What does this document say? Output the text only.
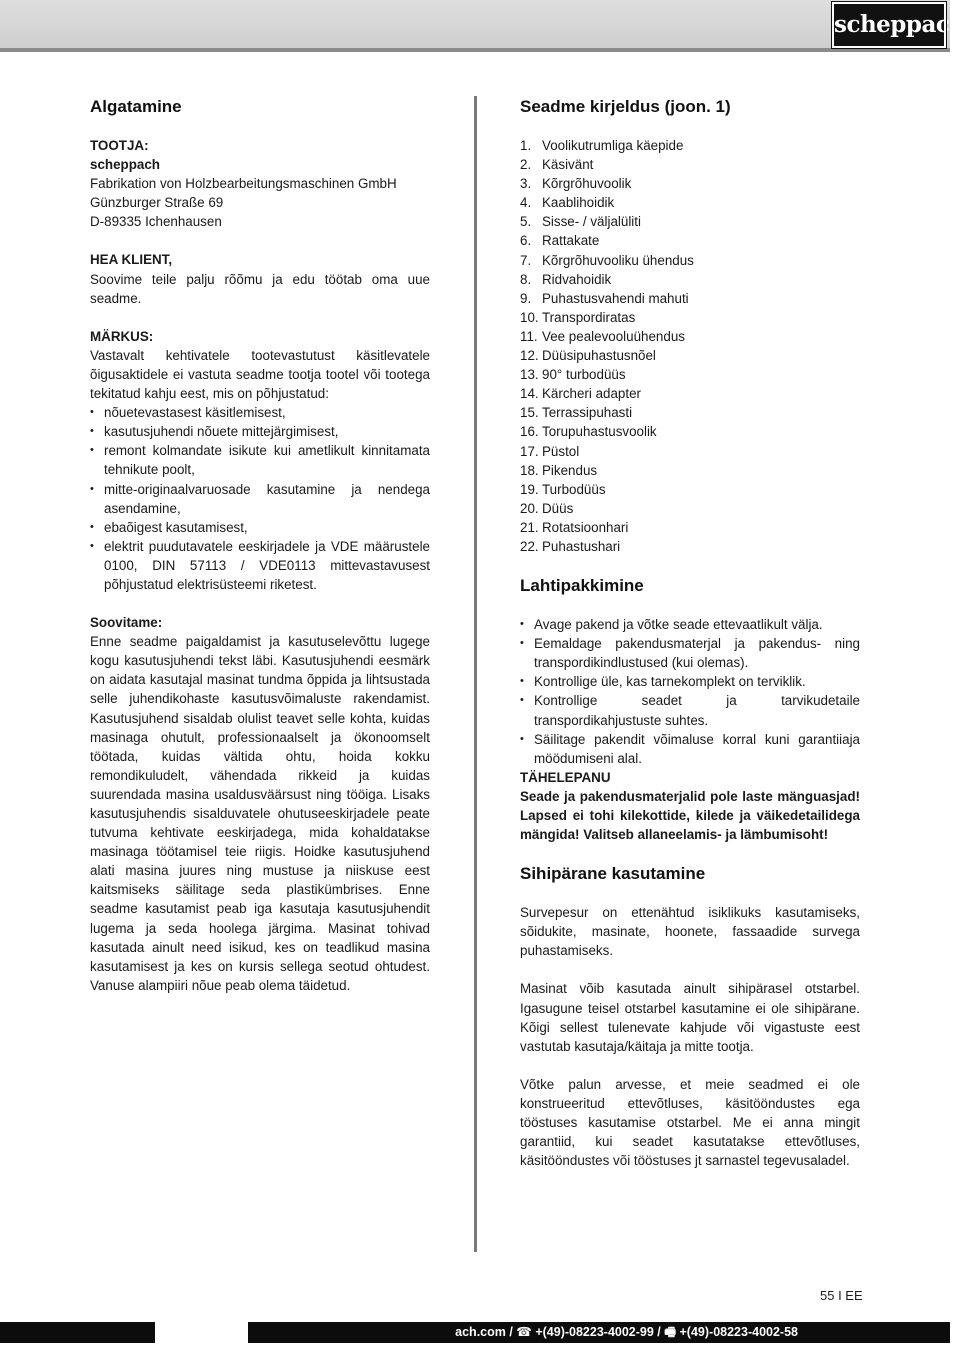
scheppach
Algatamine
TOOTJA:
scheppach
Fabrikation von Holzbearbeitungsmaschinen GmbH
Günzburger Straße 69
D-89335 Ichenhausen
HEA KLIENT,

Soovime teile palju rõõmu ja edu töötab oma uue seadme.

MÄRKUS:

Vastavalt kehtivatele tootevastutust käsitlevatele õigusaktidele ei vastuta seadme tootja tootel või tootega tekitatud kahju eest, mis on põhjustatud:

• nõuetevastasest käsitlemisest,
• kasutusjuhendi nõuete mittejärgimisest,
• remont kolmandate isikute kui ametlikult kinnitamata tehnikute poolt,
• mitte-originaalvaruosade kasutamine ja nendega asendamine,
• ebaõigest kasutamisest,
• elektrit puudutavatele eeskirjadele ja VDE määrustele 0100, DIN 57113 / VDE0113 mittevastavusest põhjustatud elektrisüsteemi riketest.
Soovitame:

Enne seadme paigaldamist ja kasutuselevõttu lugege kogu kasutusjuhendi tekst läbi. Kasutusjuhendi eesmärk on aidata kasutajal masinat tundma õppida ja lihtsustada selle juhendikohaste kasutusvõimaluste rakendamist. Kasutusjuhend sisaldab olulist teavet selle kohta, kuidas masinaga ohutult, professionaalselt ja ökonoomselt töötada, kuidas vältida ohtu, hoida kokku remondikuludelt, vähendada rikkeid ja kuidas suurendada masina usaldusväärsust ning tööiga. Lisaks kasutusjuhendis sisalduvatele ohutuseeskirjadele peate tutvuma kehtivate eeskirjadega, mida kohaldatakse masinaga töötamisel teie riigis. Hoidke kasutusjuhend alati masina juures ning mustuse ja niiskuse eest kaitsmiseks säilitage seda plastikümbrises. Enne seadme kasutamist peab iga kasutaja kasutusjuhendit lugema ja seda hoolega järgima. Masinat tohivad kasutada ainult need isikud, kes on teadlikud masina kasutamisest ja kes on kursis sellega seotud ohtudest. Vanuse alampiiri nõue peab olema täidetud.

Seadme kirjeldus (joon. 1)
1. Voolikutrumliga käepide
2. Käsivänt
3. Kõrgrõhuvoolik
4. Kaablihoidik
5. Sisse- / väljalüliti
6. Rattakate
7. Kõrgrõhuvooliku ühendus
8. Ridvahoidik
9. Puhastusvahendi mahuti
10. Transpordiratas
11. Vee pealevooluühendus
12. Düüsipuhastusnõel
13. 90° turbodüüs
14. Kärcheri adapter
15. Terrassipuhasti
16. Torupuhastusvoolik
17. Püstol
18. Pikendus
19. Turbodüüs
20. Düüs
21. Rotatsioonhari
22. Puhastushari
Lahtipakkimine
• Avage pakend ja võtke seade ettevaatlikult välja.
• Eemaldage pakendusmaterjal ja pakendus- ning transpordikindlustused (kui olemas).
• Kontrollige üle, kas tarnekomplekt on terviklik.
• Kontrollige seadet ja tarvikudetaile transpordikahjustuste suhtes.
• Säilitage pakendit võimaluse korral kuni garantiiaja möödumiseni alal.
TÄHELEPANU

Seade ja pakendusmaterjalid pole laste mänguasjad! Lapsed ei tohi kilekottide, kilede ja väikedetailidega mängida! Valitseb allaneelamis- ja lämbumisoht!

Sihipärane kasutamine

Survepesur on ettenähtud isiklikuks kasutamiseks, sõidukite, masinate, hoonete, fassaadide survega puhastamiseks.

Masinat võib kasutada ainult sihipärasel otstarbel. Igasugune teisel otstarbel kasutamine ei ole sihipärane. Kõigi sellest tulenevate kahjude või vigastuste eest vastutab kasutaja/käitaja ja mitte tootja.

Võtke palun arvesse, et meie seadmed ei ole konstrueeritud ettevõtluses, käsitööndustes ega tööstuses kasutamise otstarbel. Me ei anna mingit garantiid, kui seadet kasutatakse ettevõtluses, käsitööndustes või tööstuses jt sarnastel tegevusaladel.

55 I EE
ach.com / ☎ +(49)-08223-4002-99 / 🖷 +(49)-08223-4002-58
